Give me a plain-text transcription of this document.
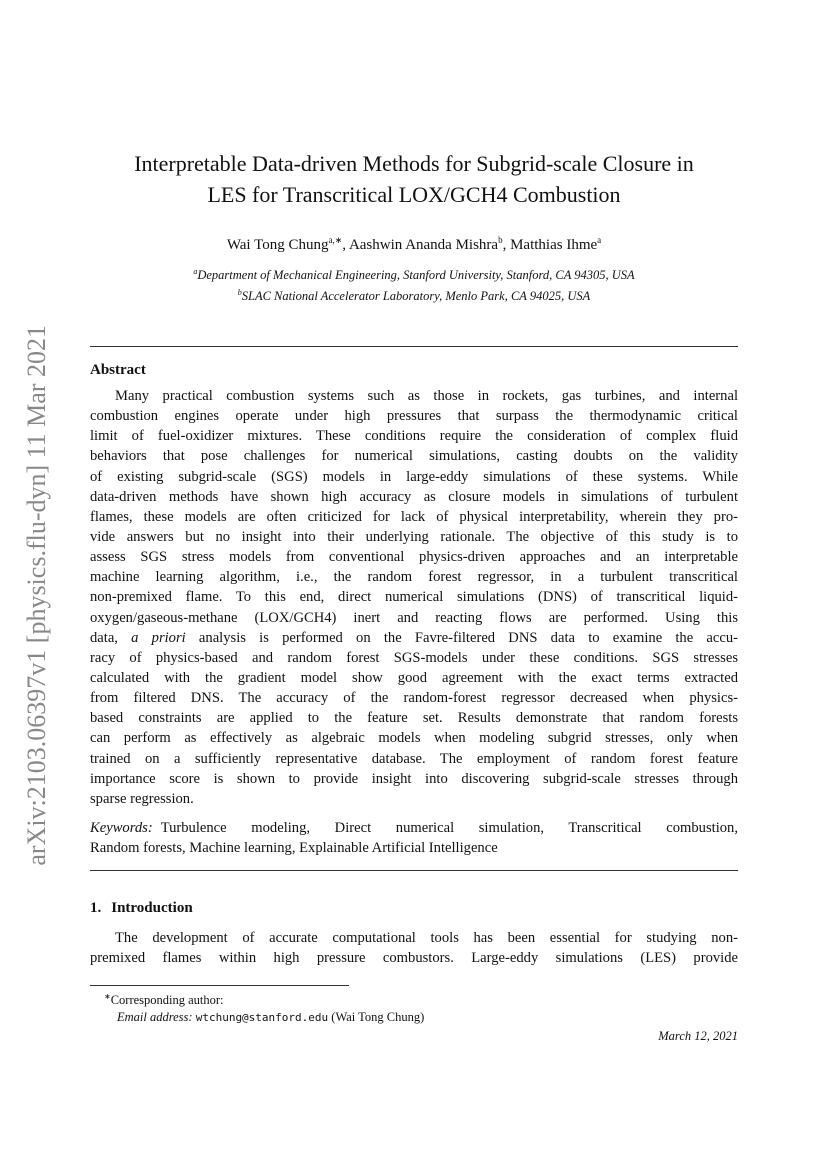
arXiv:2103.06397v1 [physics.flu-dyn] 11 Mar 2021
Interpretable Data-driven Methods for Subgrid-scale Closure in
LES for Transcritical LOX/GCH4 Combustion
Wai Tong Chung$^{a,∗}$, Aashwin Ananda Mishra$^b$, Matthias Ihme$^a$
$^a$Department of Mechanical Engineering, Stanford University, Stanford, CA 94305, USA
$^b$SLAC National Accelerator Laboratory, Menlo Park, CA 94025, USA
Abstract
Many practical combustion systems such as those in rockets, gas turbines, and internal
combustion engines operate under high pressures that surpass the thermodynamic critical
limit of fuel-oxidizer mixtures. These conditions require the consideration of complex fluid
behaviors that pose challenges for numerical simulations, casting doubts on the validity
of existing subgrid-scale (SGS) models in large-eddy simulations of these systems. While
data-driven methods have shown high accuracy as closure models in simulations of turbulent
flames, these models are often criticized for lack of physical interpretability, wherein they pro-
vide answers but no insight into their underlying rationale. The objective of this study is to
assess SGS stress models from conventional physics-driven approaches and an interpretable
machine learning algorithm, i.e., the random forest regressor, in a turbulent transcritical
non-premixed flame. To this end, direct numerical simulations (DNS) of transcritical liquid-
oxygen/gaseous-methane (LOX/GCH4) inert and reacting flows are performed. Using this
data, a priori analysis is performed on the Favre-filtered DNS data to examine the accu-
racy of physics-based and random forest SGS-models under these conditions. SGS stresses
calculated with the gradient model show good agreement with the exact terms extracted
from filtered DNS. The accuracy of the random-forest regressor decreased when physics-
based constraints are applied to the feature set. Results demonstrate that random forests
can perform as effectively as algebraic models when modeling subgrid stresses, only when
trained on a sufficiently representative database. The employment of random forest feature
importance score is shown to provide insight into discovering subgrid-scale stresses through
sparse regression.
Keywords: Turbulence modeling, Direct numerical simulation, Transcritical combustion,
Random forests, Machine learning, Explainable Artificial Intelligence
1. Introduction
The development of accurate computational tools has been essential for studying non-
premixed flames within high pressure combustors. Large-eddy simulations (LES) provide
∗Corresponding author:
Email address: wtchung@stanford.edu (Wai Tong Chung)
March 12, 2021
